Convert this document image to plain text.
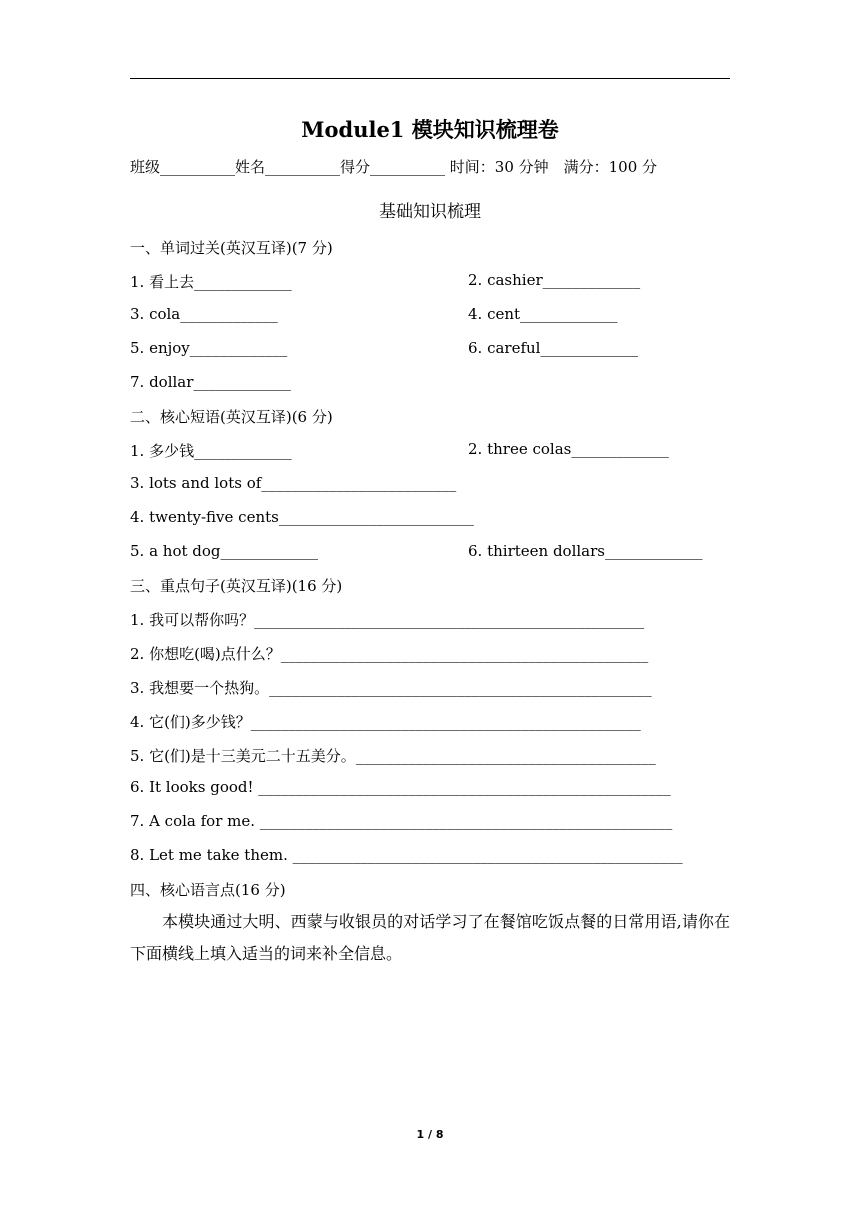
Module1 模块知识梳理卷
班级__________姓名__________得分__________ 时间：30 分钟　满分：100 分
基础知识梳理
一、单词过关(英汉互译)(7 分)
1. 看上去_____________	2. cashier_____________
3. cola_____________	4. cent_____________
5. enjoy_____________	6. careful_____________
7. dollar_____________
二、核心短语(英汉互译)(6 分)
1. 多少钱_____________	2. three colas_____________
3. lots and lots of__________________________
4. twenty-five cents__________________________
5. a hot dog_____________	6. thirteen dollars_____________
三、重点句子(英汉互译)(16 分)
1. 我可以帮你吗？____________________________________________________
2. 你想吃(喝)点什么？_________________________________________________
3. 我想要一个热狗。___________________________________________________
4. 它(们)多少钱？____________________________________________________
5. 它(们)是十三美元二十五美分。________________________________________
6. It looks good! _______________________________________________________
7. A cola for me. _______________________________________________________
8. Let me take them. ____________________________________________________
四、核心语言点(16 分)
本模块通过大明、西蒙与收银员的对话学习了在餐馆吃饭点餐的日常用语,请你在下面横线上填入适当的词来补全信息。
1 / 8
